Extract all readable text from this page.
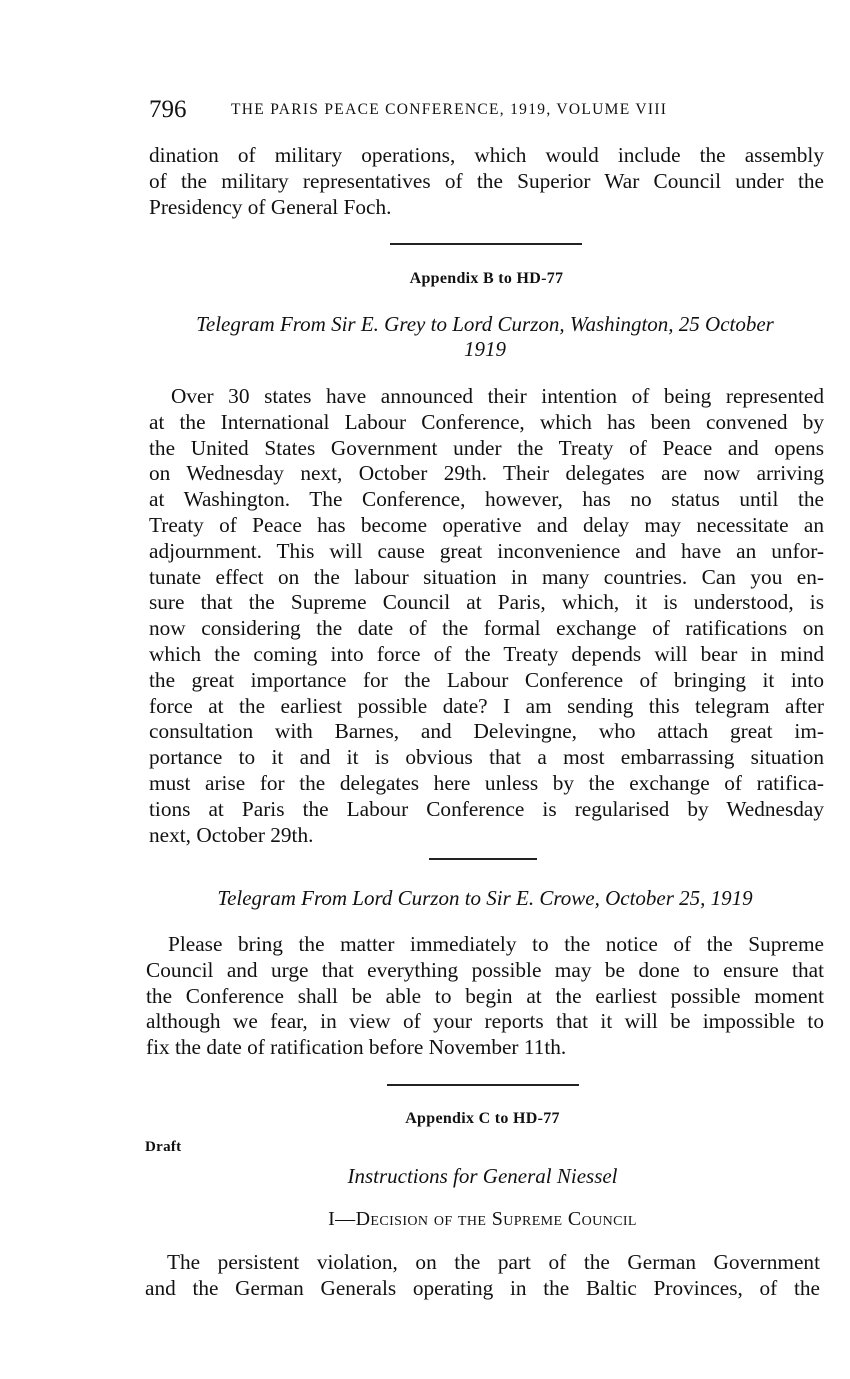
796	THE PARIS PEACE CONFERENCE, 1919, VOLUME VIII
dination of military operations, which would include the assembly
of the military representatives of the Superior War Council under the
Presidency of General Foch.
Appendix B to HD-77
Telegram From Sir E. Grey to Lord Curzon, Washington, 25 October
1919
Over 30 states have announced their intention of being represented
at the International Labour Conference, which has been convened by
the United States Government under the Treaty of Peace and opens
on Wednesday next, October 29th. Their delegates are now arriving
at Washington. The Conference, however, has no status until the
Treaty of Peace has become operative and delay may necessitate an
adjournment. This will cause great inconvenience and have an unfor-
tunate effect on the labour situation in many countries. Can you en-
sure that the Supreme Council at Paris, which, it is understood, is
now considering the date of the formal exchange of ratifications on
which the coming into force of the Treaty depends will bear in mind
the great importance for the Labour Conference of bringing it into
force at the earliest possible date? I am sending this telegram after
consultation with Barnes, and Delevingne, who attach great im-
portance to it and it is obvious that a most embarrassing situation
must arise for the delegates here unless by the exchange of ratifica-
tions at Paris the Labour Conference is regularised by Wednesday
next, October 29th.
Telegram From Lord Curzon to Sir E. Crowe, October 25, 1919
Please bring the matter immediately to the notice of the Supreme
Council and urge that everything possible may be done to ensure that
the Conference shall be able to begin at the earliest possible moment
although we fear, in view of your reports that it will be impossible to
fix the date of ratification before November 11th.
Appendix C to HD-77
Draft
Instructions for General Niessel
I—Decision of the Supreme Council
The persistent violation, on the part of the German Government
and the German Generals operating in the Baltic Provinces, of the
